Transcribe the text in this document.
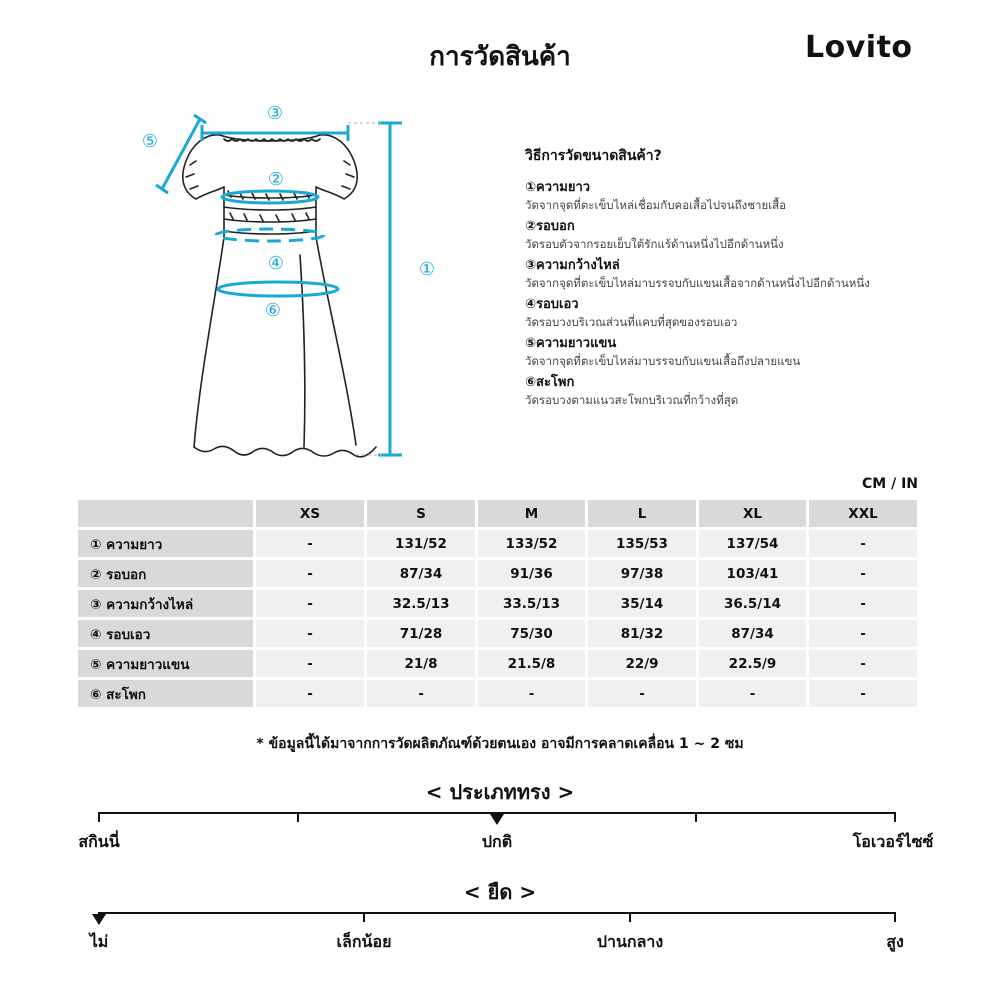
การวัดสินค้า	Lovito
①
②
③
④
⑤
⑥
วิธีการวัดขนาดสินค้า?
①ความยาว
วัดจากจุดที่ตะเข็บไหล่เชื่อมกับคอเสื้อไปจนถึงชายเสื้อ
②รอบอก
วัดรอบตัวจากรอยเย็บใต้รักแร้ด้านหนึ่งไปอีกด้านหนึ่ง
③ความกว้างไหล่
วัดจากจุดที่ตะเข็บไหล่มาบรรจบกับแขนเสื้อจากด้านหนึ่งไปอีกด้านหนึ่ง
④รอบเอว
วัดรอบวงบริเวณส่วนที่แคบที่สุดของรอบเอว
⑤ความยาวแขน
วัดจากจุดที่ตะเข็บไหล่มาบรรจบกับแขนเสื้อถึงปลายแขน
⑥สะโพก
วัดรอบวงตามแนวสะโพกบริเวณที่กว้างที่สุด
CM / IN
	XS	S	M	L	XL	XXL
① ความยาว	-	131/52	133/52	135/53	137/54	-
② รอบอก	-	87/34	91/36	97/38	103/41	-
③ ความกว้างไหล่	-	32.5/13	33.5/13	35/14	36.5/14	-
④ รอบเอว	-	71/28	75/30	81/32	87/34	-
⑤ ความยาวแขน	-	21/8	21.5/8	22/9	22.5/9	-
⑥ สะโพก	-	-	-	-	-	-
* ข้อมูลนี้ได้มาจากการวัดผลิตภัณฑ์ด้วยตนเอง อาจมีการคลาดเคลื่อน 1 ~ 2 ซม
< ประเภททรง >
สกินนี่	ปกติ	โอเวอร์ไซซ์
< ยืด >
ไม่	เล็กน้อย	ปานกลาง	สูง
